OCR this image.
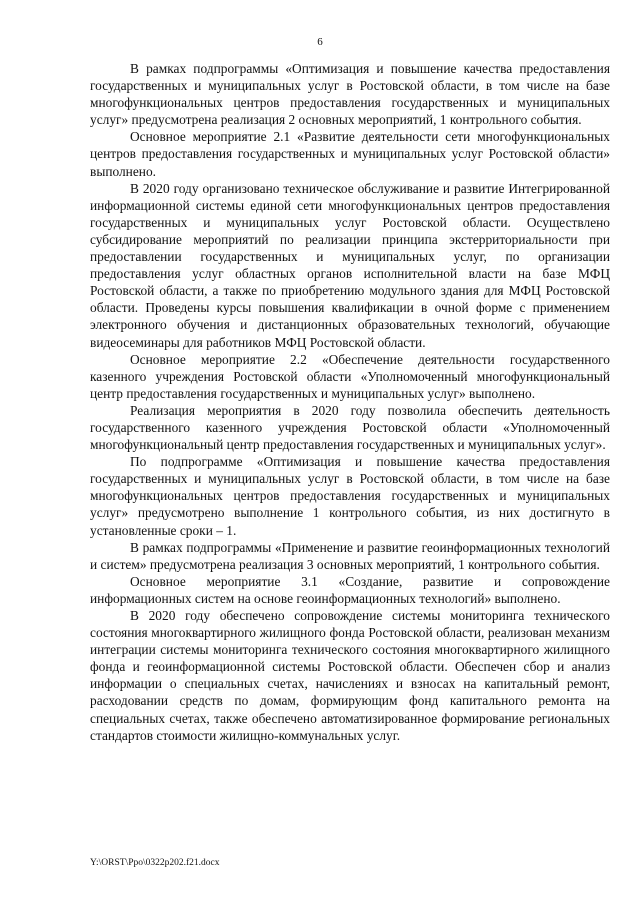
6

В рамках подпрограммы «Оптимизация и повышение качества предоставления государственных и муниципальных услуг в Ростовской области, в том числе на базе многофункциональных центров предоставления государственных и муниципальных услуг» предусмотрена реализация 2 основных мероприятий, 1 контрольного события.

Основное мероприятие 2.1 «Развитие деятельности сети многофункциональных центров предоставления государственных и муниципальных услуг Ростовской области» выполнено.

В 2020 году организовано техническое обслуживание и развитие Интегрированной информационной системы единой сети многофункциональных центров предоставления государственных и муниципальных услуг Ростовской области. Осуществлено субсидирование мероприятий по реализации принципа экстерриториальности при предоставлении государственных и муниципальных услуг, по организации предоставления услуг областных органов исполнительной власти на базе МФЦ Ростовской области, а также по приобретению модульного здания для МФЦ Ростовской области. Проведены курсы повышения квалификации в очной форме с применением электронного обучения и дистанционных образовательных технологий, обучающие видеосеминары для работников МФЦ Ростовской области.

Основное мероприятие 2.2 «Обеспечение деятельности государственного казенного учреждения Ростовской области «Уполномоченный многофункциональный центр предоставления государственных и муниципальных услуг» выполнено.

Реализация мероприятия в 2020 году позволила обеспечить деятельность государственного казенного учреждения Ростовской области «Уполномоченный многофункциональный центр предоставления государственных и муниципальных услуг».

По подпрограмме «Оптимизация и повышение качества предоставления государственных и муниципальных услуг в Ростовской области, в том числе на базе многофункциональных центров предоставления государственных и муниципальных услуг» предусмотрено выполнение 1 контрольного события, из них достигнуто в установленные сроки – 1.

В рамках подпрограммы «Применение и развитие геоинформационных технологий и систем» предусмотрена реализация 3 основных мероприятий, 1 контрольного события.

Основное мероприятие 3.1 «Создание, развитие и сопровождение информационных систем на основе геоинформационных технологий» выполнено.

В 2020 году обеспечено сопровождение системы мониторинга технического состояния многоквартирного жилищного фонда Ростовской области, реализован механизм интеграции системы мониторинга технического состояния многоквартирного жилищного фонда и геоинформационной системы Ростовской области. Обеспечен сбор и анализ информации о специальных счетах, начислениях и взносах на капитальный ремонт, расходовании средств по домам, формирующим фонд капитального ремонта на специальных счетах, также обеспечено автоматизированное формирование региональных стандартов стоимости жилищно-коммунальных услуг.

Y:\ORST\Ppo\0322p202.f21.docx
